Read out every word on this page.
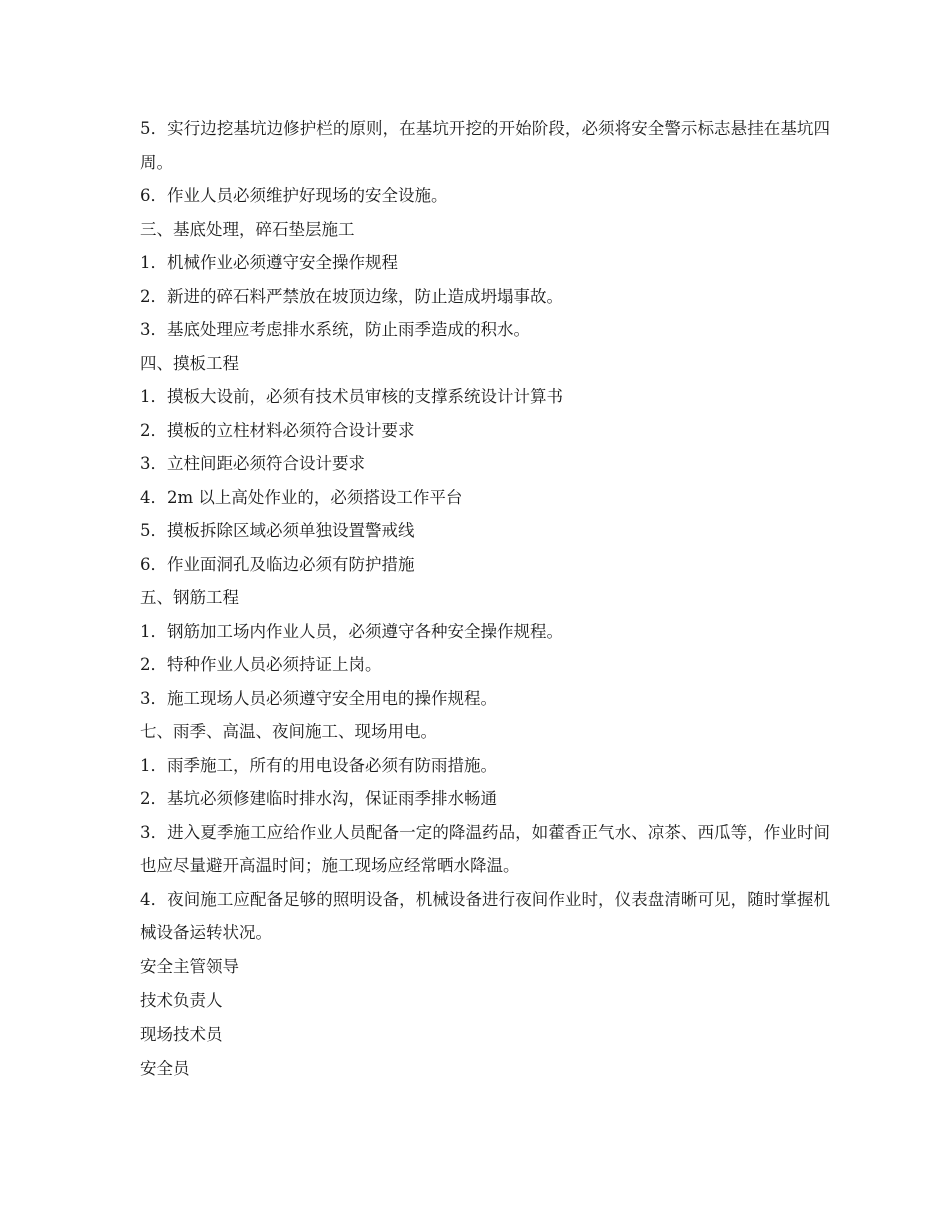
5．实行边挖基坑边修护栏的原则，在基坑开挖的开始阶段，必须将安全警示标志悬挂在基坑四周。
6．作业人员必须维护好现场的安全设施。
三、基底处理，碎石垫层施工
1．机械作业必须遵守安全操作规程
2．新进的碎石料严禁放在坡顶边缘，防止造成坍塌事故。
3．基底处理应考虑排水系统，防止雨季造成的积水。
四、摸板工程
1．摸板大设前，必须有技术员审核的支撑系统设计计算书
2．摸板的立柱材料必须符合设计要求
3．立柱间距必须符合设计要求
4．2m 以上高处作业的，必须搭设工作平台
5．摸板拆除区域必须单独设置警戒线
6．作业面洞孔及临边必须有防护措施
五、钢筋工程
1．钢筋加工场内作业人员，必须遵守各种安全操作规程。
2．特种作业人员必须持证上岗。
3．施工现场人员必须遵守安全用电的操作规程。
七、雨季、高温、夜间施工、现场用电。
1．雨季施工，所有的用电设备必须有防雨措施。
2．基坑必须修建临时排水沟，保证雨季排水畅通
3．进入夏季施工应给作业人员配备一定的降温药品，如藿香正气水、凉茶、西瓜等，作业时间也应尽量避开高温时间；施工现场应经常晒水降温。
4．夜间施工应配备足够的照明设备，机械设备进行夜间作业时，仪表盘清晰可见，随时掌握机械设备运转状况。
安全主管领导
技术负责人
现场技术员
安全员
